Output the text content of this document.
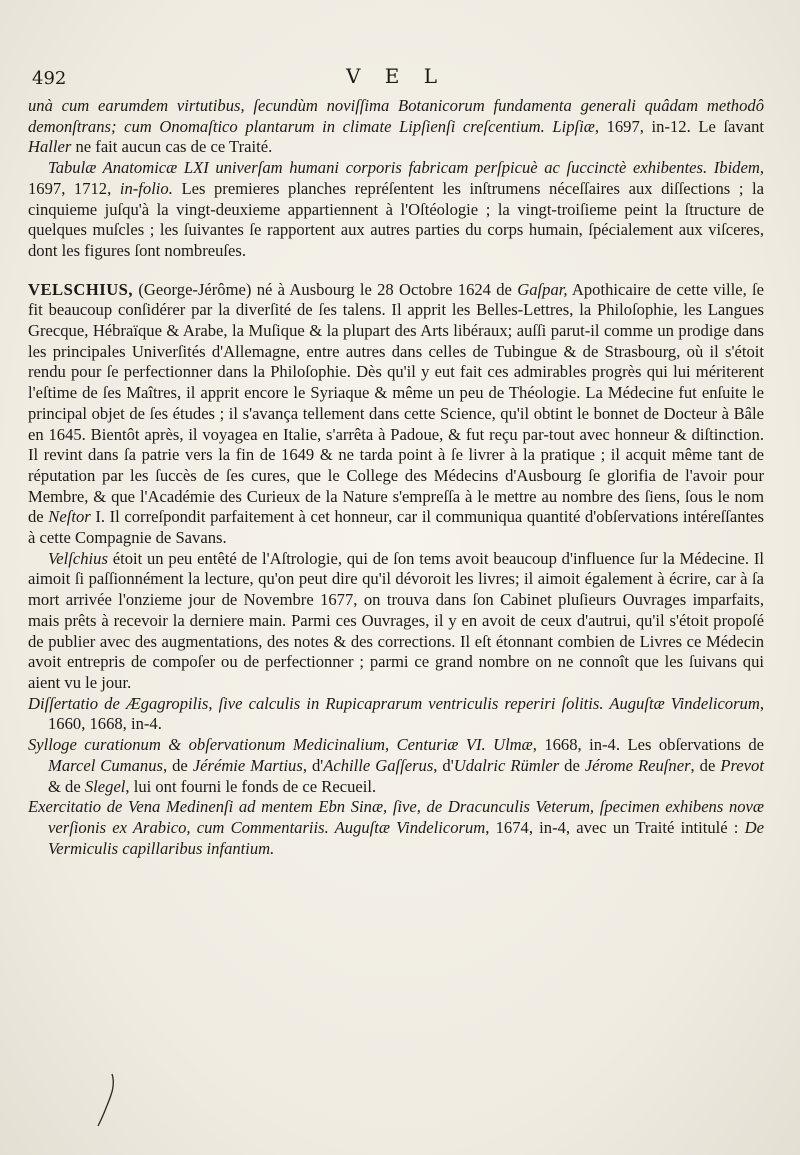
492	V E L

unà cum earumdem virtutibus, ſecundùm noviſſima Botanicorum fundamenta generali quâdam methodô demonſtrans; cum Onomaſtico plantarum in climate Lipſienſi creſcentium. Lipſiæ, 1697, in-12. Le ſavant Haller ne fait aucun cas de ce Traité.

Tabulæ Anatomicæ LXI univerſam humani corporis fabricam perſpicuè ac ſuccinctè exhibentes. Ibidem, 1697, 1712, in-folio. Les premieres planches repréſentent les inſtrumens néceſſaires aux diſſections ; la cinquieme juſqu'à la vingt-deuxieme appartiennent à l'Oſtéologie ; la vingt-troiſieme peint la ſtructure de quelques muſcles ; les ſuivantes ſe rapportent aux autres parties du corps humain, ſpécialement aux viſceres, dont les figures ſont nombreuſes.

VELSCHIUS, (George-Jérôme) né à Ausbourg le 28 Octobre 1624 de Gaſpar, Apothicaire de cette ville, ſe fit beaucoup conſidérer par la diverſité de ſes talens. Il apprit les Belles-Lettres, la Philoſophie, les Langues Grecque, Hébraïque & Arabe, la Muſique & la plupart des Arts libéraux; auſſi parut-il comme un prodige dans les principales Univerſités d'Allemagne, entre autres dans celles de Tubingue & de Strasbourg, où il s'étoit rendu pour ſe perfectionner dans la Philoſophie. Dès qu'il y eut fait ces admirables progrès qui lui mériterent l'eſtime de ſes Maîtres, il apprit encore le Syriaque & même un peu de Théologie. La Médecine fut enſuite le principal objet de ſes études ; il s'avança tellement dans cette Science, qu'il obtint le bonnet de Docteur à Bâle en 1645. Bientôt après, il voyagea en Italie, s'arrêta à Padoue, & fut reçu par-tout avec honneur & diſtinction. Il revint dans ſa patrie vers la fin de 1649 & ne tarda point à ſe livrer à la pratique ; il acquit même tant de réputation par les ſuccès de ſes cures, que le College des Médecins d'Ausbourg ſe glorifia de l'avoir pour Membre, & que l'Académie des Curieux de la Nature s'empreſſa à le mettre au nombre des ſiens, ſous le nom de Neſtor I. Il correſpondit parfaitement à cet honneur, car il communiqua quantité d'obſervations intéreſſantes à cette Compagnie de Savans.

Velſchius étoit un peu entêté de l'Aſtrologie, qui de ſon tems avoit beaucoup d'influence ſur la Médecine. Il aimoit ſi paſſionnément la lecture, qu'on peut dire qu'il dévoroit les livres; il aimoit également à écrire, car à ſa mort arrivée l'onzieme jour de Novembre 1677, on trouva dans ſon Cabinet pluſieurs Ouvrages imparfaits, mais prêts à recevoir la derniere main. Parmi ces Ouvrages, il y en avoit de ceux d'autrui, qu'il s'étoit propoſé de publier avec des augmentations, des notes & des corrections. Il eſt étonnant combien de Livres ce Médecin avoit entrepris de compoſer ou de perfectionner ; parmi ce grand nombre on ne connoît que les ſuivans qui aient vu le jour.

Diſſertatio de Ægagropilis, ſive calculis in Rupicaprarum ventriculis reperiri ſolitis. Auguſtæ Vindelicorum, 1660, 1668, in-4.

Sylloge curationum & obſervationum Medicinalium, Centuriæ VI. Ulmæ, 1668, in-4. Les obſervations de Marcel Cumanus, de Jérémie Martius, d'Achille Gaſſerus, d'Udalric Rümler de Jérome Reuſner, de Prevot & de Slegel, lui ont fourni le fonds de ce Recueil.

Exercitatio de Vena Medinenſi ad mentem Ebn Sinæ, ſive, de Dracunculis Veterum, ſpecimen exhibens novæ verſionis ex Arabico, cum Commentariis. Auguſtæ Vindelicorum, 1674, in-4, avec un Traité intitulé : De Vermiculis capillaribus infantium.
